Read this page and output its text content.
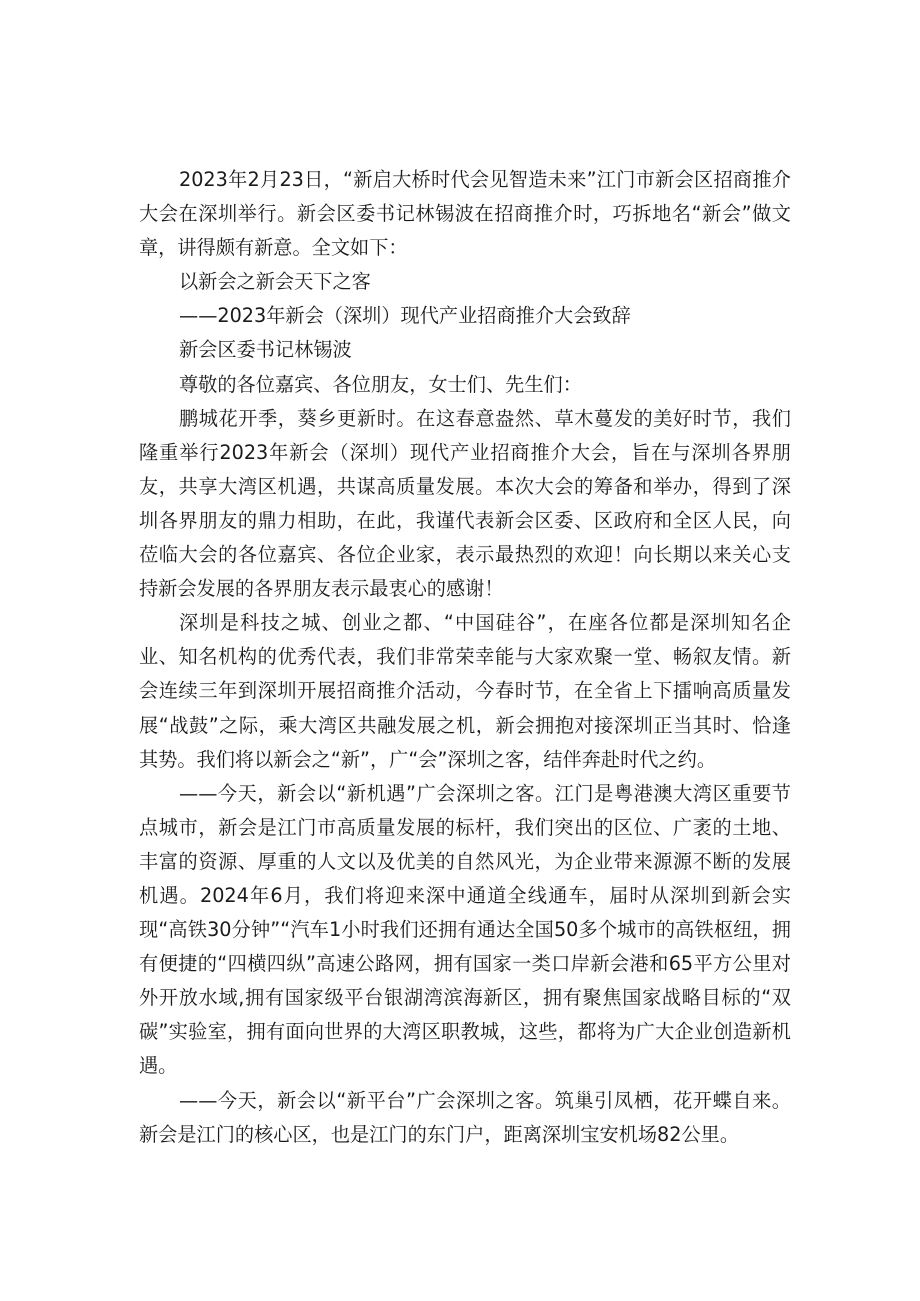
2023年2月23日，“新启大桥时代会见智造未来”江门市新会区招商推介大会在深圳举行。新会区委书记林锡波在招商推介时，巧拆地名“新会”做文章，讲得颇有新意。全文如下：

以新会之新会天下之客

——2023年新会（深圳）现代产业招商推介大会致辞

新会区委书记林锡波

尊敬的各位嘉宾、各位朋友，女士们、先生们：

鹏城花开季，葵乡更新时。在这春意盎然、草木蔓发的美好时节，我们隆重举行2023年新会（深圳）现代产业招商推介大会，旨在与深圳各界朋友，共享大湾区机遇，共谋高质量发展。本次大会的筹备和举办，得到了深圳各界朋友的鼎力相助，在此，我谨代表新会区委、区政府和全区人民，向莅临大会的各位嘉宾、各位企业家，表示最热烈的欢迎！向长期以来关心支持新会发展的各界朋友表示最衷心的感谢！

深圳是科技之城、创业之都、“中国硅谷”，在座各位都是深圳知名企业、知名机构的优秀代表，我们非常荣幸能与大家欢聚一堂、畅叙友情。新会连续三年到深圳开展招商推介活动，今春时节，在全省上下擂响高质量发展“战鼓”之际，乘大湾区共融发展之机，新会拥抱对接深圳正当其时、恰逢其势。我们将以新会之“新”，广“会”深圳之客，结伴奔赴时代之约。

——今天，新会以“新机遇”广会深圳之客。江门是粤港澳大湾区重要节点城市，新会是江门市高质量发展的标杆，我们突出的区位、广袤的土地、丰富的资源、厚重的人文以及优美的自然风光，为企业带来源源不断的发展机遇。2024年6月，我们将迎来深中通道全线通车，届时从深圳到新会实现“高铁30分钟”“汽车1小时我们还拥有通达全国50多个城市的高铁枢纽，拥有便捷的“四横四纵”高速公路网，拥有国家一类口岸新会港和65平方公里对外开放水域,拥有国家级平台银湖湾滨海新区，拥有聚焦国家战略目标的“双碳”实验室，拥有面向世界的大湾区职教城，这些，都将为广大企业创造新机遇。

——今天，新会以“新平台”广会深圳之客。筑巢引凤栖，花开蝶自来。新会是江门的核心区，也是江门的东门户，距离深圳宝安机场82公里。
